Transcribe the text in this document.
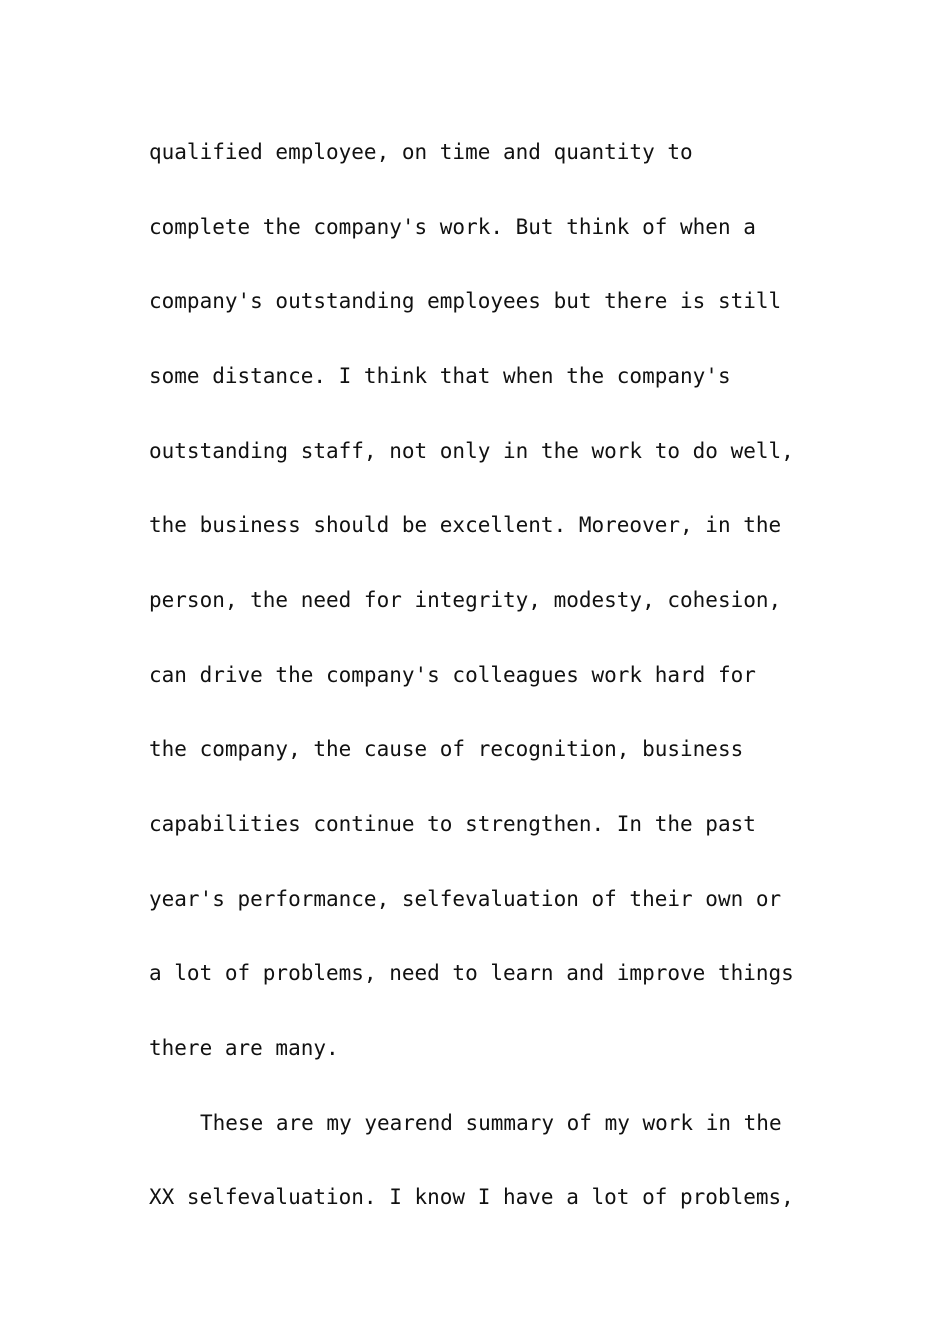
qualified employee, on time and quantity to
complete the company's work. But think of when a
company's outstanding employees but there is still
some distance. I think that when the company's
outstanding staff, not only in the work to do well,
the business should be excellent. Moreover, in the
person, the need for integrity, modesty, cohesion,
can drive the company's colleagues work hard for
the company, the cause of recognition, business
capabilities continue to strengthen. In the past
year's performance, selfevaluation of their own or
a lot of problems, need to learn and improve things
there are many.
These are my yearend summary of my work in the
XX selfevaluation. I know I have a lot of problems,
